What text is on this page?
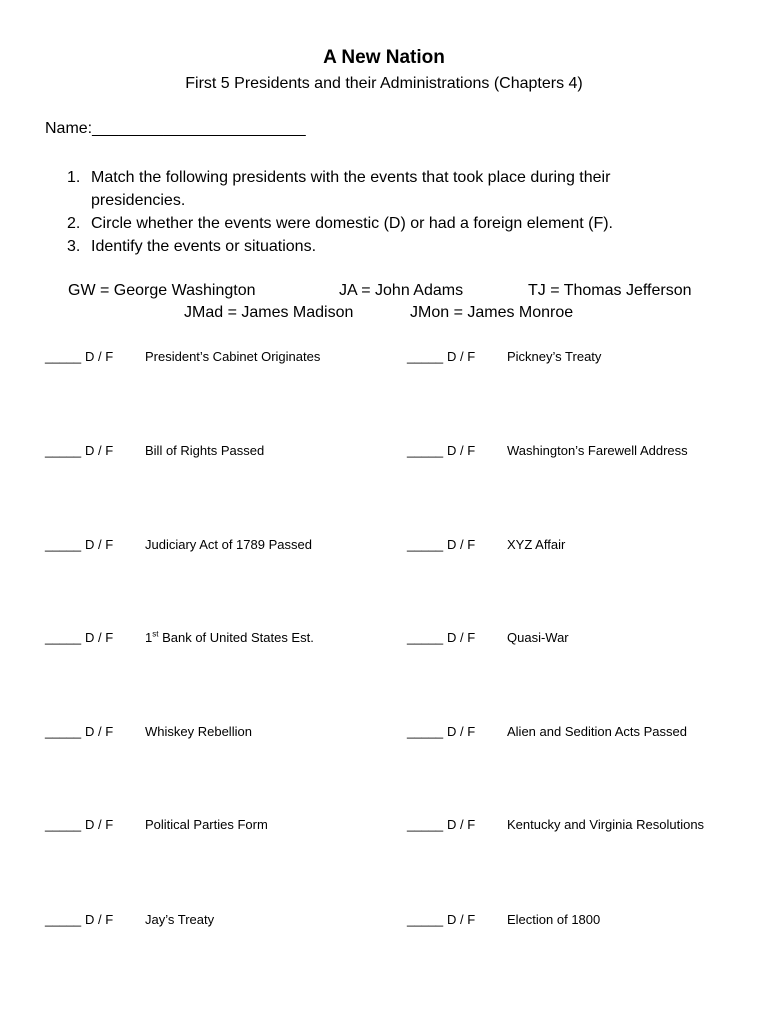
A New Nation
First 5 Presidents and their Administrations (Chapters 4)
Name:________________________
1. Match the following presidents with the events that took place during their presidencies.
2. Circle whether the events were domestic (D) or had a foreign element (F).
3. Identify the events or situations.
GW = George Washington	JA = John Adams	TJ = Thomas Jefferson
JMad = James Madison	JMon = James Monroe
_____ D / F President’s Cabinet Originates
_____ D / F Bill of Rights Passed
_____ D / F Judiciary Act of 1789 Passed
_____ D / F 1st Bank of United States Est.
_____ D / F Whiskey Rebellion
_____ D / F Political Parties Form
_____ D / F Jay’s Treaty
_____ D / F Pickney’s Treaty
_____ D / F Washington’s Farewell Address
_____ D / F XYZ Affair
_____ D / F Quasi-War
_____ D / F Alien and Sedition Acts Passed
_____ D / F Kentucky and Virginia Resolutions
_____ D / F Election of 1800
